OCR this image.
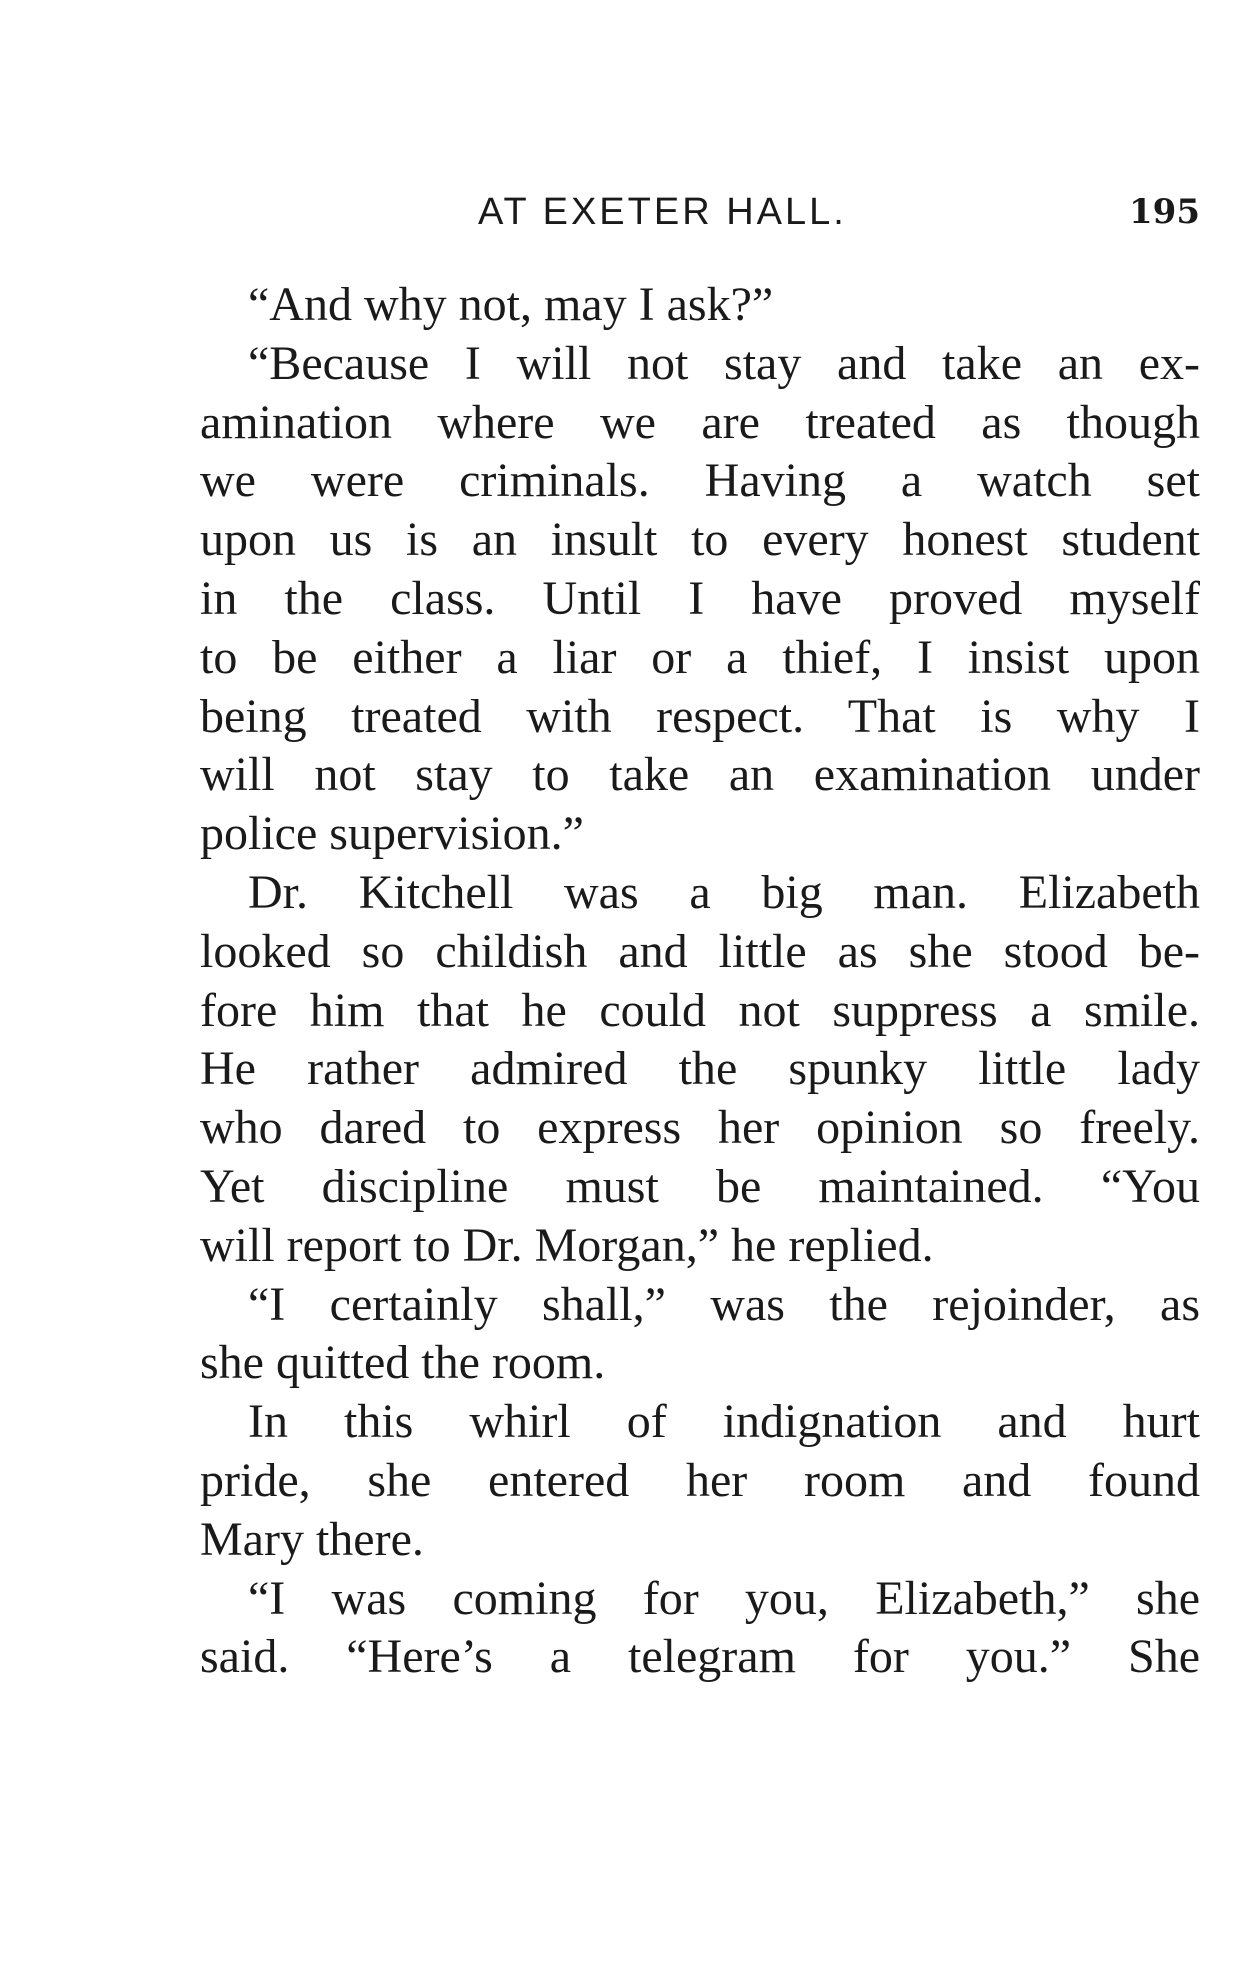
AT EXETER HALL.	195
“And why not, may I ask?”
“Because I will not stay and take an ex-
amination where we are treated as though
we were criminals. Having a watch set
upon us is an insult to every honest student
in the class. Until I have proved myself
to be either a liar or a thief, I insist upon
being treated with respect. That is why I
will not stay to take an examination under
police supervision.”
Dr. Kitchell was a big man. Elizabeth
looked so childish and little as she stood be-
fore him that he could not suppress a smile.
He rather admired the spunky little lady
who dared to express her opinion so freely.
Yet discipline must be maintained. “You
will report to Dr. Morgan,” he replied.
“I certainly shall,” was the rejoinder, as
she quitted the room.
In this whirl of indignation and hurt
pride, she entered her room and found
Mary there.
“I was coming for you, Elizabeth,” she
said. “Here’s a telegram for you.” She
